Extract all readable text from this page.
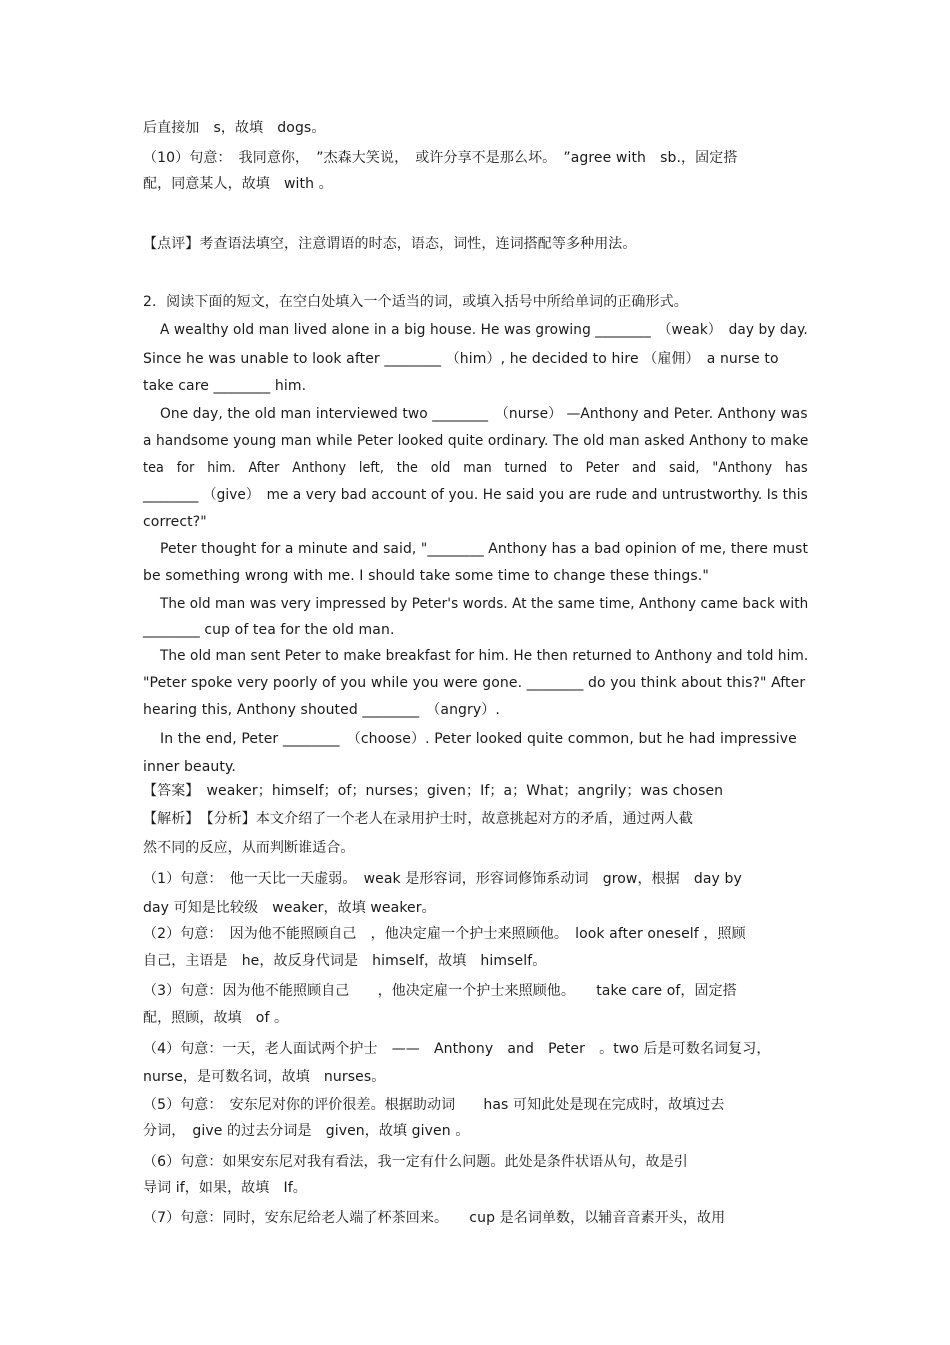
后直接加　s，故填　dogs。
（10）句意：　我同意你，　”杰森大笑说，　或许分享不是那么坏。　”agree with　sb.，固定搭
配，同意某人，故填　with 。
【点评】考查语法填空，注意谓语的时态，语态，词性，连词搭配等多种用法。
2．阅读下面的短文，在空白处填入一个适当的词，或填入括号中所给单词的正确形式。
A wealthy old man lived alone in a big house. He was growing ________　（weak）　day by day.
Since he was unable to look after ________ （him）, he decided to hire （雇佣）　a nurse to
take care ________ him.
One day, the old man interviewed two ________　（nurse） —Anthony and Peter. Anthony was
a handsome young man while Peter looked quite ordinary. The old man asked Anthony to make
tea　for　him.　After　Anthony　left,　the　old　man　turned　to　Peter　and　said,　"Anthony　has
________ （give）　me a very bad account of you. He said you are rude and untrustworthy. Is this
correct?"
Peter thought for a minute and said, "________ Anthony has a bad opinion of me, there must
be something wrong with me. I should take some time to change these things."
The old man was very impressed by Peter's words. At the same time, Anthony came back with
________ cup of tea for the old man.
The old man sent Peter to make breakfast for him. He then returned to Anthony and told him.
"Peter spoke very poorly of you while you were gone. ________ do you think about this?" After
hearing this, Anthony shouted ________　（angry）.
In the end, Peter ________　（choose）. Peter looked quite common, but he had impressive
inner beauty.
【答案】　weaker；himself；of；nurses；given；If；a；What；angrily；was chosen
【解析】　【分析】本文介绍了一个老人在录用护士时，故意挑起对方的矛盾，通过两人截
然不同的反应，从而判断谁适合。
（1）句意：　他一天比一天虚弱。　weak 是形容词，形容词修饰系动词　grow，根据　day by
day 可知是比较级　weaker，故填 weaker。
（2）句意：　因为他不能照顾自己　，他决定雇一个护士来照顾他。　look after oneself ，照顾
自己，主语是　he，故反身代词是　himself，故填　himself。
（3）句意：因为他不能照顾自己　　，他决定雇一个护士来照顾他。　　take care of，固定搭
配，照顾，故填　of 。
（4）句意：一天，老人面试两个护士　——　Anthony　and　Peter　。two 后是可数名词复习，
nurse，是可数名词，故填　nurses。
（5）句意：　安东尼对你的评价很差。根据助动词　　has 可知此处是现在完成时，故填过去
分词，　give 的过去分词是　given，故填 given 。
（6）句意：如果安东尼对我有看法，我一定有什么问题。此处是条件状语从句，故是引
导词 if，如果，故填　If。
（7）句意：同时，安东尼给老人端了杯茶回来。　　cup 是名词单数，以辅音音素开头，故用
